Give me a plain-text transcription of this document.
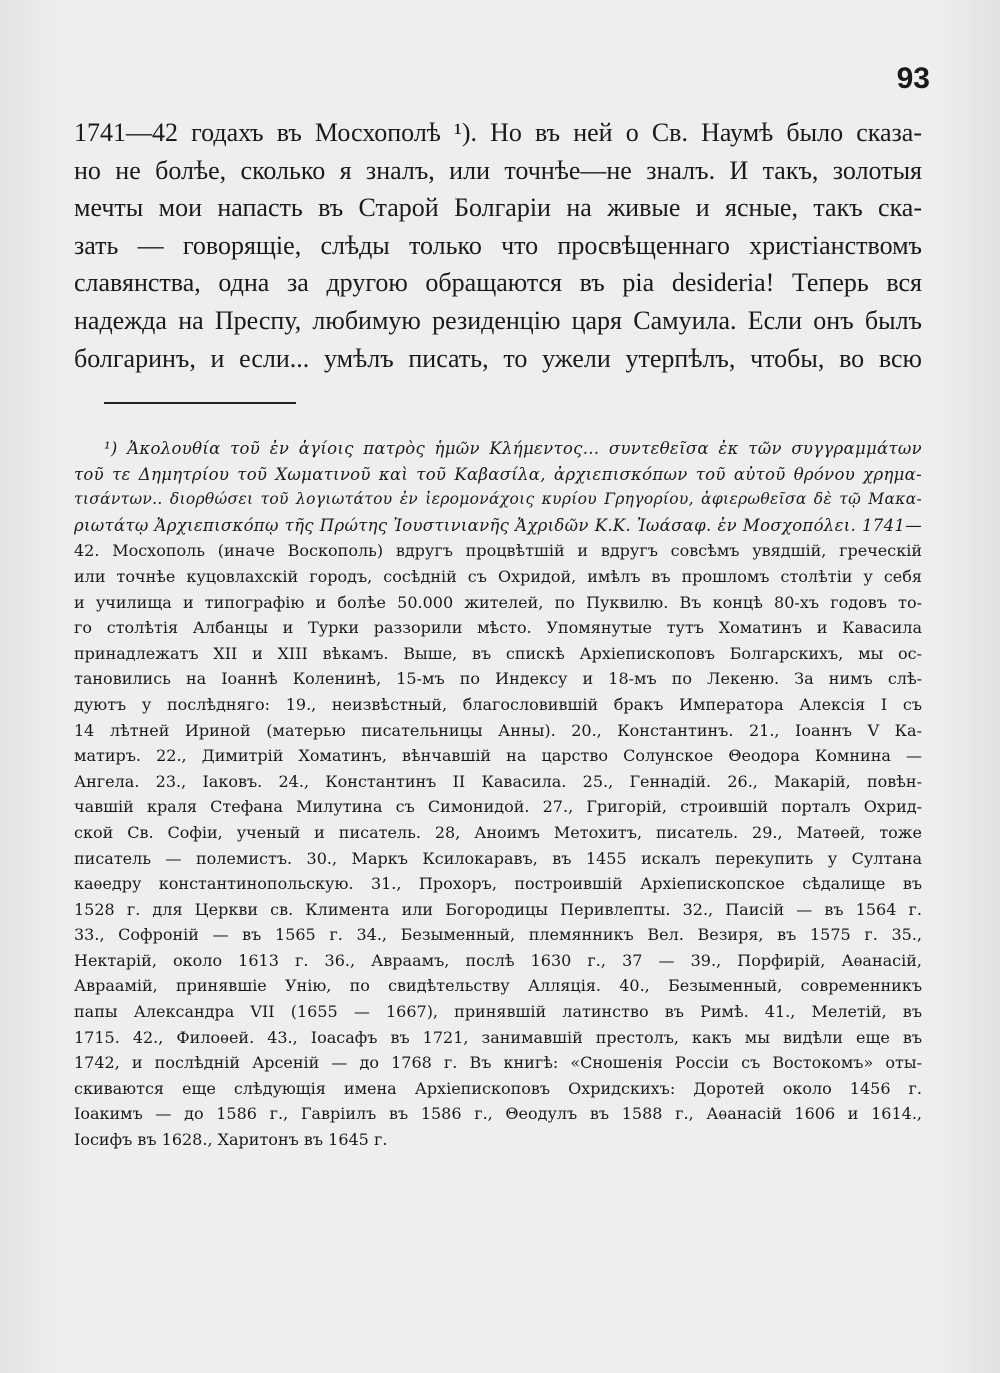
93
1741—42 годахъ въ Мосхополѣ ¹). Но въ ней о Св. Наумѣ было сказа-
но не болѣе, сколько я зналъ, или точнѣе—не зналъ. И такъ, золотыя
мечты мои напасть въ Старой Болгаріи на живые и ясные, такъ ска-
зать — говорящіе, слѣды только что просвѣщеннаго христіанствомъ
славянства, одна за другою обращаются въ pia desideria! Теперь вся
надежда на Преспу, любимую резиденцію царя Самуила. Если онъ былъ
болгаринъ, и если... умѣлъ писать, то ужели утерпѣлъ, чтобы, во всю
¹) Ἀκολουθία τοῦ ἐν ἁγίοις πατρὸς ἡμῶν Κλήμεντος... συντεθεῖσα ἐκ τῶν συγγραμμάτων
τοῦ τε Δημητρίου τοῦ Χωματινοῦ καὶ τοῦ Καβασίλα, ἀρχιεπισκόπων τοῦ αὐτοῦ θρόνου χρημα-
τισάντων.. διορθώσει τοῦ λογιωτάτου ἐν ἱερομονάχοις κυρίου Γρηγορίου, ἀφιερωθεῖσα δὲ τῷ Μακα-
ριωτάτῳ Ἀρχιεπισκόπῳ τῆς Πρώτης Ἰουστινιανῆς Ἀχριδῶν Κ.Κ. Ἰωάσαφ. ἐν Μοσχοπόλει. 1741—
42. Мосхополь (иначе Воскополь) вдругъ процвѣтшій и вдругъ совсѣмъ увядшій, греческій
или точнѣе куцовлахскій городъ, сосѣдній съ Охридой, имѣлъ въ прошломъ столѣтіи у себя
и училища и типографію и болѣе 50.000 жителей, по Пуквилю. Въ концѣ 80-хъ годовъ то-
го столѣтія Албанцы и Турки раззорили мѣсто. Упомянутые тутъ Хоматинъ и Кавасила
принадлежатъ XII и XIII вѣкамъ. Выше, въ спискѣ Архіепископовъ Болгарскихъ, мы ос-
тановились на Іоаннѣ Коленинѣ, 15-мъ по Индексу и 18-мъ по Лекеню. За нимъ слѣ-
дуютъ у послѣдняго: 19., неизвѣстный, благословившій бракъ Императора Алексія I съ
14 лѣтней Ириной (матерью писательницы Анны). 20., Константинъ. 21., Іоаннъ V Ка-
матиръ. 22., Димитрій Хоматинъ, вѣнчавшій на царство Солунское Θеодора Комнина —
Ангела. 23., Іаковъ. 24., Константинъ II Кавасила. 25., Геннадій. 26., Макарій, повѣн-
чавшій краля Стефана Милутина съ Симонидой. 27., Григорій, строившій порталъ Охрид-
ской Св. Софіи, ученый и писатель. 28, Аноимъ Метохитъ, писатель. 29., Матѳей, тоже
писатель — полемистъ. 30., Маркъ Ксилокаравъ, въ 1455 искалъ перекупить у Султана
каѳедру константинопольскую. 31., Прохоръ, построившій Архіепископское сѣдалище въ
1528 г. для Церкви св. Климента или Богородицы Перивлепты. 32., Паисій — въ 1564 г.
33., Софроній — въ 1565 г. 34., Безыменный, племянникъ Вел. Везиря, въ 1575 г. 35.,
Нектарій, около 1613 г. 36., Авраамъ, послѣ 1630 г., 37 — 39., Порфирій, Аѳанасій,
Авраамій, принявшіе Унію, по свидѣтельству Алляція. 40., Безыменный, современникъ
папы Александра VII (1655 — 1667), принявшій латинство въ Римѣ. 41., Мелетій, въ
1715. 42., Филоѳей. 43., Іоасафъ въ 1721, занимавшій престолъ, какъ мы видѣли еще въ
1742, и послѣдній Арсеній — до 1768 г. Въ книгѣ: «Сношенія Россіи съ Востокомъ» оты-
скиваются еще слѣдующія имена Архіепископовъ Охридскихъ: Доротей около 1456 г.
Іоакимъ — до 1586 г., Гавріилъ въ 1586 г., Θеодулъ въ 1588 г., Аѳанасій 1606 и 1614.,
Іосифъ въ 1628., Харитонъ въ 1645 г.
